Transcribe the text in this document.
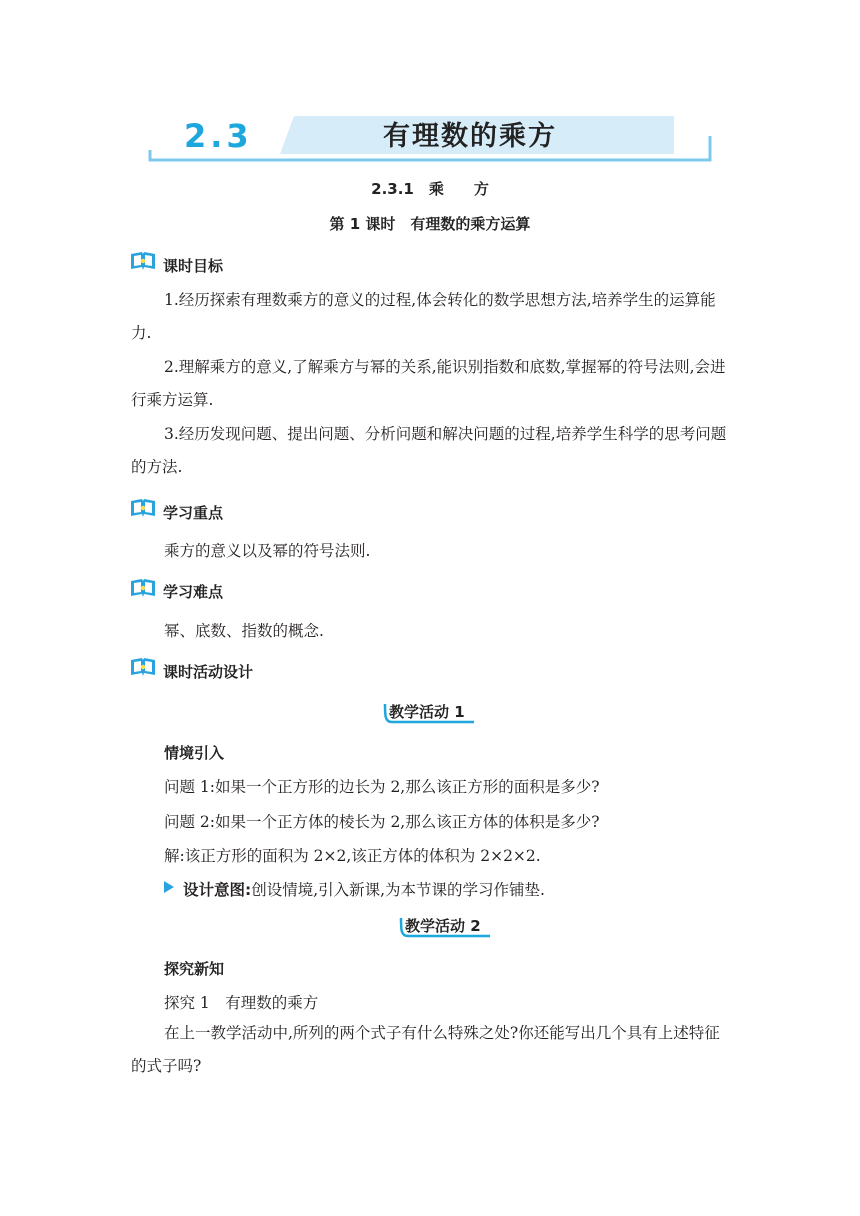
2.3	有理数的乘方
2.3.1　乘　　方
第 1 课时　有理数的乘方运算
课时目标
1.经历探索有理数乘方的意义的过程,体会转化的数学思想方法,培养学生的运算能力.
2.理解乘方的意义,了解乘方与幂的关系,能识别指数和底数,掌握幂的符号法则,会进行乘方运算.
3.经历发现问题、提出问题、分析问题和解决问题的过程,培养学生科学的思考问题的方法.
学习重点
乘方的意义以及幂的符号法则.
学习难点
幂、底数、指数的概念.
课时活动设计
教学活动 1
情境引入
问题 1:如果一个正方形的边长为 2,那么该正方形的面积是多少?
问题 2:如果一个正方体的棱长为 2,那么该正方体的体积是多少?
解:该正方形的面积为 2×2,该正方体的体积为 2×2×2.
设计意图:创设情境,引入新课,为本节课的学习作铺垫.
教学活动 2
探究新知
探究 1　有理数的乘方
在上一教学活动中,所列的两个式子有什么特殊之处?你还能写出几个具有上述特征的式子吗?
